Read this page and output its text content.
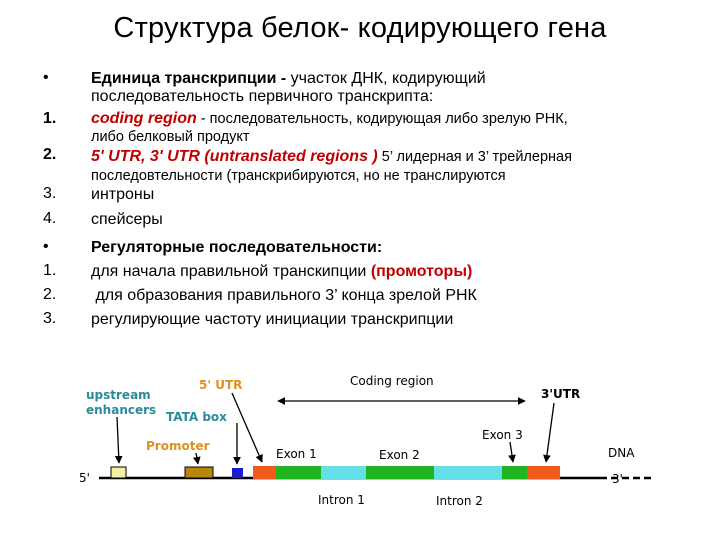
Структура белок- кодирующего гена
•
1.
2.
3.
4.
•
1.
2.
3.
Единица транскрипции - участок ДНК, кодирующий
последовательность первичного транскрипта:
coding region - последовательность, кодирующая либо зрелую РНК,
либо белковый продукт
5' UTR, 3' UTR (untranslated regions ) 5’ лидерная и 3’ трейлерная
последовтельности (транскрибируются, но не транслируются
интроны
спейсеры
Регуляторные последовательности:
для начала правильной транскипции (промоторы)
для образования правильного 3’ конца зрелой РНК
регулирующие частоту инициации транскрипции
upstream
enhancers TATA box
Promoter
5' UTR	Coding region
3'UTR
Exon 1	Exon 2
Exon 3
Intron 1	Intron 2
DNA
5'	3'
